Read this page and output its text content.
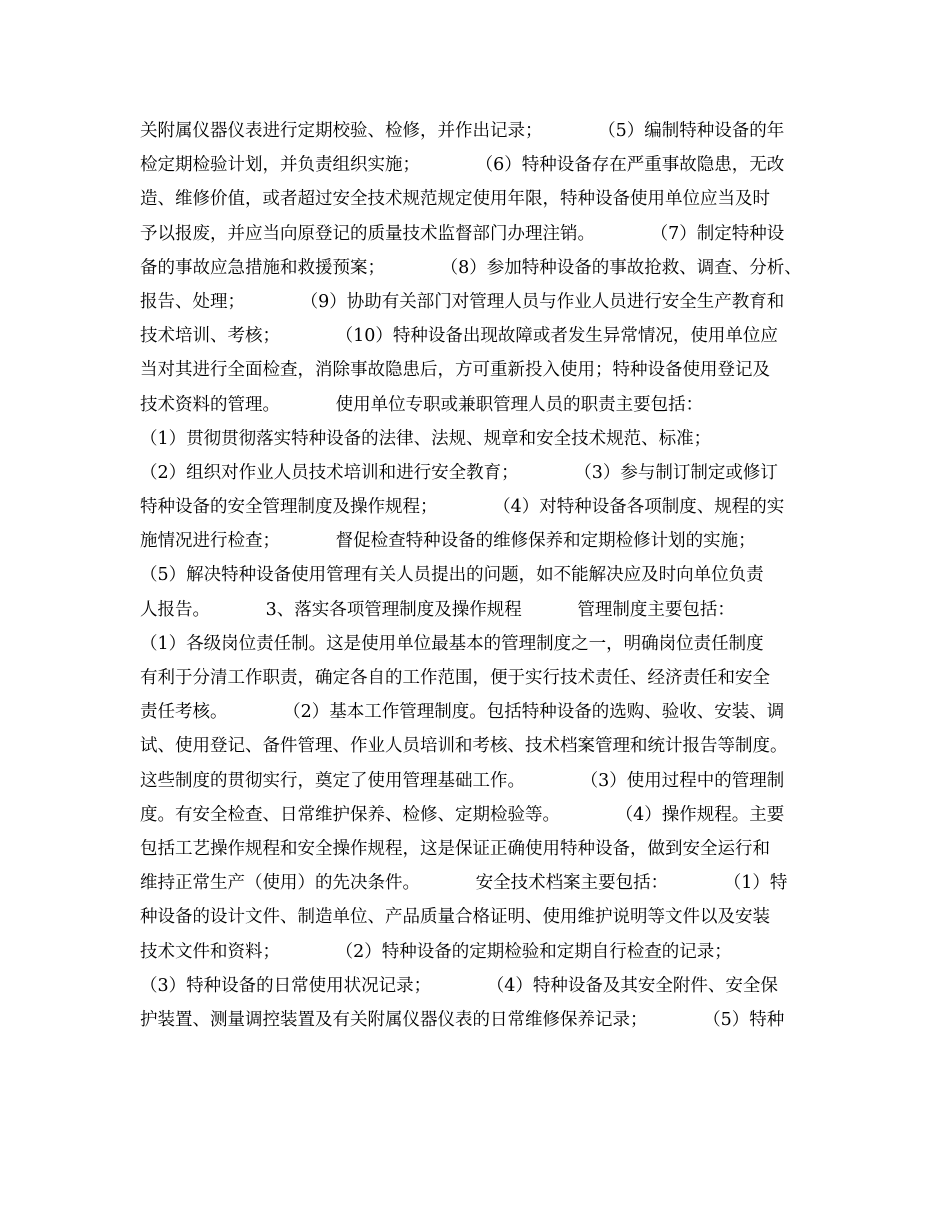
关附属仪器仪表进行定期校验、检修，并作出记录；          （5）编制特种设备的年
检定期检验计划，并负责组织实施；          （6）特种设备存在严重事故隐患，无改
造、维修价值，或者超过安全技术规范规定使用年限，特种设备使用单位应当及时
予以报废，并应当向原登记的质量技术监督部门办理注销。          （7）制定特种设
备的事故应急措施和救援预案；          （8）参加特种设备的事故抢救、调查、分析、
报告、处理；          （9）协助有关部门对管理人员与作业人员进行安全生产教育和
技术培训、考核；          （10）特种设备出现故障或者发生异常情况，使用单位应
当对其进行全面检查，消除事故隐患后，方可重新投入使用；特种设备使用登记及
技术资料的管理。          使用单位专职或兼职管理人员的职责主要包括：
（1）贯彻贯彻落实特种设备的法律、法规、规章和安全技术规范、标准；
（2）组织对作业人员技术培训和进行安全教育；          （3）参与制订制定或修订
特种设备的安全管理制度及操作规程；          （4）对特种设备各项制度、规程的实
施情况进行检查；          督促检查特种设备的维修保养和定期检修计划的实施；
（5）解决特种设备使用管理有关人员提出的问题，如不能解决应及时向单位负责
人报告。          3、落实各项管理制度及操作规程          管理制度主要包括：
（1）各级岗位责任制。这是使用单位最基本的管理制度之一，明确岗位责任制度
有利于分清工作职责，确定各自的工作范围，便于实行技术责任、经济责任和安全
责任考核。          （2）基本工作管理制度。包括特种设备的选购、验收、安装、调
试、使用登记、备件管理、作业人员培训和考核、技术档案管理和统计报告等制度。
这些制度的贯彻实行，奠定了使用管理基础工作。          （3）使用过程中的管理制
度。有安全检查、日常维护保养、检修、定期检验等。          （4）操作规程。主要
包括工艺操作规程和安全操作规程，这是保证正确使用特种设备，做到安全运行和
维持正常生产（使用）的先决条件。          安全技术档案主要包括：          （1）特
种设备的设计文件、制造单位、产品质量合格证明、使用维护说明等文件以及安装
技术文件和资料；          （2）特种设备的定期检验和定期自行检查的记录；
（3）特种设备的日常使用状况记录；          （4）特种设备及其安全附件、安全保
护装置、测量调控装置及有关附属仪器仪表的日常维修保养记录；          （5）特种
